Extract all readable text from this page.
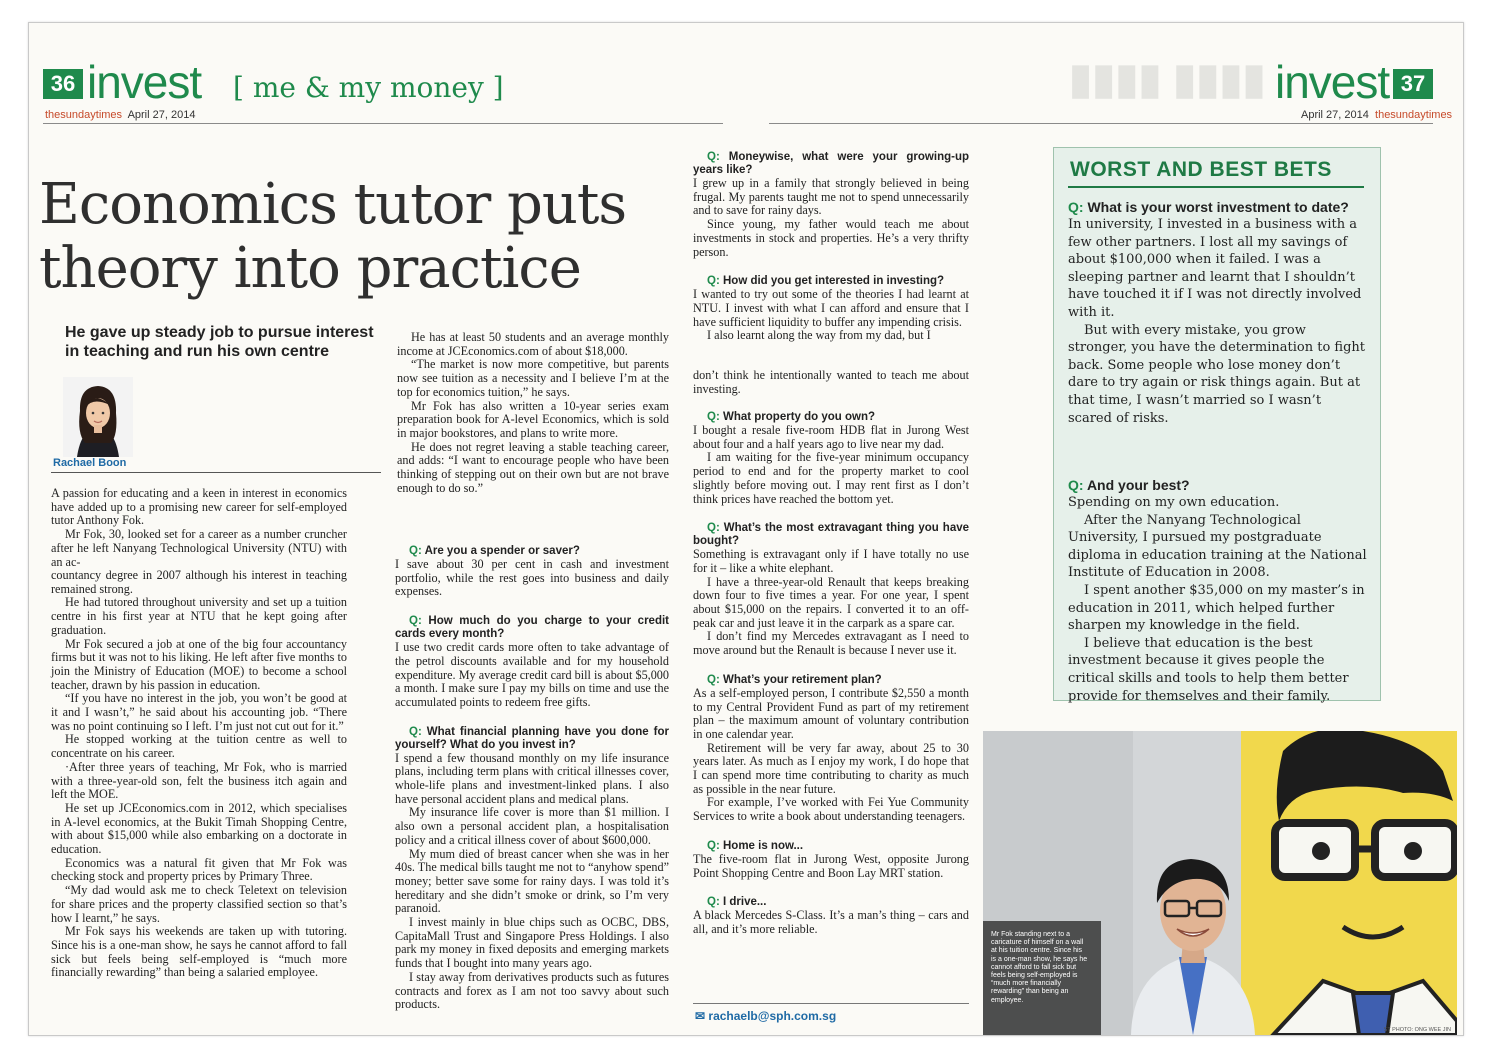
36 invest [ me & my money ]
thesundaytimes April 27, 2014
▮▮▮▮ ▮▮▮▮ invest 37
April 27, 2014 thesundaytimes
Economics tutor puts theory into practice
He gave up steady job to pursue interest in teaching and run his own centre
Rachael Boon

A passion for educating and a keen in interest in economics have added up to a promising new career for self-employed tutor Anthony Fok.

Mr Fok, 30, looked set for a career as a number cruncher after he left Nanyang Technological University (NTU) with an ac-

countancy degree in 2007 although his interest in teaching remained strong.

He had tutored throughout university and set up a tuition centre in his first year at NTU that he kept going after graduation.

Mr Fok secured a job at one of the big four accountancy firms but it was not to his liking. He left after five months to join the Ministry of Education (MOE) to become a school teacher, drawn by his passion in education.

“If you have no interest in the job, you won’t be good at it and I wasn’t,” he said about his accounting job. “There was no point continuing so I left. I’m just not cut out for it.”

He stopped working at the tuition centre as well to concentrate on his career.

·After three years of teaching, Mr Fok, who is married with a three-year-old son, felt the business itch again and left the MOE.

He set up JCEconomics.com in 2012, which specialises in A-level economics, at the Bukit Timah Shopping Centre, with about $15,000 while also embarking on a doctorate in education.

Economics was a natural fit given that Mr Fok was checking stock and property prices by Primary Three.

“My dad would ask me to check Teletext on television for share prices and the property classified section so that’s how I learnt,” he says.

Mr Fok says his weekends are taken up with tutoring. Since his is a one-man show, he says he cannot afford to fall sick but feels being self-employed is “much more financially rewarding” than being a salaried employee.

He has at least 50 students and an average monthly income at JCEconomics.com of about $18,000.

“The market is now more competitive, but parents now see tuition as a necessity and I believe I’m at the top for economics tuition,” he says.

Mr Fok has also written a 10-year series exam preparation book for A-level Economics, which is sold in major bookstores, and plans to write more.

He does not regret leaving a stable teaching career, and adds: “I want to encourage people who have been thinking of stepping out on their own but are not brave enough to do so.”

Q: Are you a spender or saver?

I save about 30 per cent in cash and investment portfolio, while the rest goes into business and daily expenses.

Q: How much do you charge to your credit cards every month?

I use two credit cards more often to take advantage of the petrol discounts available and for my household expenditure. My average credit card bill is about $5,000 a month. I make sure I pay my bills on time and use the accumulated points to redeem free gifts.

Q: What financial planning have you done for yourself? What do you invest in?

I spend a few thousand monthly on my life insurance plans, including term plans with critical illnesses cover, whole-life plans and investment-linked plans. I also have personal accident plans and medical plans.

My insurance life cover is more than $1 million. I also own a personal accident plan, a hospitalisation policy and a critical illness cover of about $600,000.

My mum died of breast cancer when she was in her 40s. The medical bills taught me not to “anyhow spend” money; better save some for rainy days. I was told it’s hereditary and she didn’t smoke or drink, so I’m very paranoid.

I invest mainly in blue chips such as OCBC, DBS, CapitaMall Trust and Singapore Press Holdings. I also park my money in fixed deposits and emerging markets funds that I bought into many years ago.

I stay away from derivatives products such as futures contracts and forex as I am not too savvy about such products.

Q: Moneywise, what were your growing-up years like?

I grew up in a family that strongly believed in being frugal. My parents taught me not to spend unnecessarily and to save for rainy days.

Since young, my father would teach me about investments in stock and properties. He’s a very thrifty person.

Q: How did you get interested in investing?

I wanted to try out some of the theories I had learnt at NTU. I invest with what I can afford and ensure that I have sufficient liquidity to buffer any impending crisis.

I also learnt along the way from my dad, but I

don’t think he intentionally wanted to teach me about investing.

Q: What property do you own?

I bought a resale five-room HDB flat in Jurong West about four and a half years ago to live near my dad.

I am waiting for the five-year minimum occupancy period to end and for the property market to cool slightly before moving out. I may rent first as I don’t think prices have reached the bottom yet.

Q: What’s the most extravagant thing you have bought?

Something is extravagant only if I have totally no use for it – like a white elephant.

I have a three-year-old Renault that keeps breaking down four to five times a year. For one year, I spent about $15,000 on the repairs. I converted it to an off-peak car and just leave it in the carpark as a spare car.

I don’t find my Mercedes extravagant as I need to move around but the Renault is because I never use it.

Q: What’s your retirement plan?

As a self-employed person, I contribute $2,550 a month to my Central Provident Fund as part of my retirement plan – the maximum amount of voluntary contribution in one calendar year.

Retirement will be very far away, about 25 to 30 years later. As much as I enjoy my work, I do hope that I can spend more time contributing to charity as much as possible in the near future.

For example, I’ve worked with Fei Yue Community Services to write a book about understanding teenagers.

Q: Home is now...

The five-room flat in Jurong West, opposite Jurong Point Shopping Centre and Boon Lay MRT station.

Q: I drive...

A black Mercedes S-Class. It’s a man’s thing – cars and all, and it’s more reliable.

✉ rachaelb@sph.com.sg
WORST AND BEST BETS

Q: What is your worst investment to date?

In university, I invested in a business with a few other partners. I lost all my savings of about $100,000 when it failed. I was a sleeping partner and learnt that I shouldn’t have touched it if I was not directly involved with it.

But with every mistake, you grow stronger, you have the determination to fight back. Some people who lose money don’t dare to try again or risk things again. But at that time, I wasn’t married so I wasn’t scared of risks.

Q: And your best?

Spending on my own education.

After the Nanyang Technological University, I pursued my postgraduate diploma in education training at the National Institute of Education in 2008.

I spent another $35,000 on my master’s in education in 2011, which helped further sharpen my knowledge in the field.

I believe that education is the best investment because it gives people the critical skills and tools to help them better provide for themselves and their family.

Mr Fok standing next to a caricature of himself on a wall at his tuition centre. Since his is a one-man show, he says he cannot afford to fall sick but feels being self-employed is “much more financially rewarding” than being an employee.
ST PHOTO: ONG WEE JIN
